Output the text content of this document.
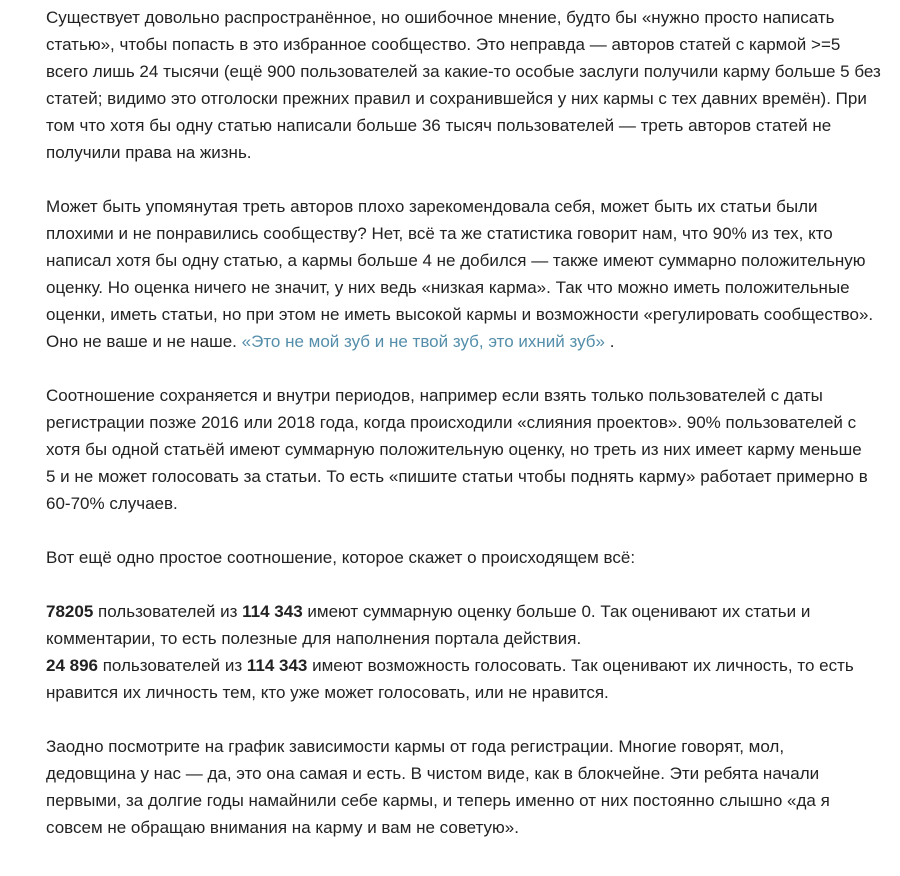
Существует довольно распространённое, но ошибочное мнение, будто бы «нужно просто написать
статью», чтобы попасть в это избранное сообщество. Это неправда — авторов статей с кармой >=5
всего лишь 24 тысячи (ещё 900 пользователей за какие-то особые заслуги получили карму больше 5 без
статей; видимо это отголоски прежних правил и сохранившейся у них кармы с тех давних времён). При
том что хотя бы одну статью написали больше 36 тысяч пользователей — треть авторов статей не
получили права на жизнь.

Может быть упомянутая треть авторов плохо зарекомендовала себя, может быть их статьи были
плохими и не понравились сообществу? Нет, всё та же статистика говорит нам, что 90% из тех, кто
написал хотя бы одну статью, а кармы больше 4 не добился — также имеют суммарно положительную
оценку. Но оценка ничего не значит, у них ведь «низкая карма». Так что можно иметь положительные
оценки, иметь статьи, но при этом не иметь высокой кармы и возможности «регулировать сообщество».
Оно не ваше и не наше. «Это не мой зуб и не твой зуб, это ихний зуб» .

Соотношение сохраняется и внутри периодов, например если взять только пользователей с даты
регистрации позже 2016 или 2018 года, когда происходили «слияния проектов». 90% пользователей с
хотя бы одной статьёй имеют суммарную положительную оценку, но треть из них имеет карму меньше
5 и не может голосовать за статьи. То есть «пишите статьи чтобы поднять карму» работает примерно в
60-70% случаев.

Вот ещё одно простое соотношение, которое скажет о происходящем всё:

78205 пользователей из 114 343 имеют суммарную оценку больше 0. Так оценивают их статьи и
комментарии, то есть полезные для наполнения портала действия.

24 896 пользователей из 114 343 имеют возможность голосовать. Так оценивают их личность, то есть
нравится их личность тем, кто уже может голосовать, или не нравится.

Заодно посмотрите на график зависимости кармы от года регистрации. Многие говорят, мол,
дедовщина у нас — да, это она самая и есть. В чистом виде, как в блокчейне. Эти ребята начали
первыми, за долгие годы намайнили себе кармы, и теперь именно от них постоянно слышно «да я
совсем не обращаю внимания на карму и вам не советую».
